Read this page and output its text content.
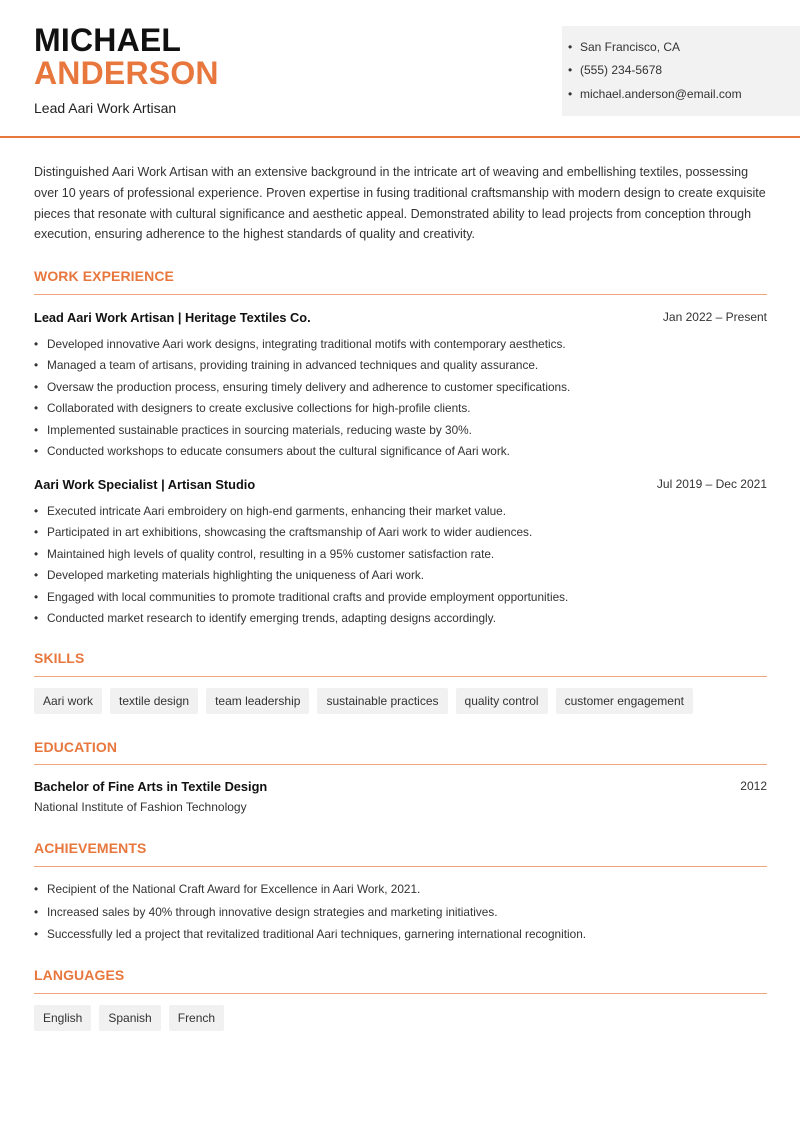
MICHAEL
ANDERSON
Lead Aari Work Artisan
• San Francisco, CA
• (555) 234-5678
• michael.anderson@email.com
Distinguished Aari Work Artisan with an extensive background in the intricate art of weaving and embellishing textiles, possessing over 10 years of professional experience. Proven expertise in fusing traditional craftsmanship with modern design to create exquisite pieces that resonate with cultural significance and aesthetic appeal. Demonstrated ability to lead projects from conception through execution, ensuring adherence to the highest standards of quality and creativity.
WORK EXPERIENCE
Lead Aari Work Artisan | Heritage Textiles Co.	Jan 2022 – Present
• Developed innovative Aari work designs, integrating traditional motifs with contemporary aesthetics.
• Managed a team of artisans, providing training in advanced techniques and quality assurance.
• Oversaw the production process, ensuring timely delivery and adherence to customer specifications.
• Collaborated with designers to create exclusive collections for high-profile clients.
• Implemented sustainable practices in sourcing materials, reducing waste by 30%.
• Conducted workshops to educate consumers about the cultural significance of Aari work.
Aari Work Specialist | Artisan Studio	Jul 2019 – Dec 2021
• Executed intricate Aari embroidery on high-end garments, enhancing their market value.
• Participated in art exhibitions, showcasing the craftsmanship of Aari work to wider audiences.
• Maintained high levels of quality control, resulting in a 95% customer satisfaction rate.
• Developed marketing materials highlighting the uniqueness of Aari work.
• Engaged with local communities to promote traditional crafts and provide employment opportunities.
• Conducted market research to identify emerging trends, adapting designs accordingly.
SKILLS
Aari work	textile design	team leadership	sustainable practices	quality control	customer engagement
EDUCATION
Bachelor of Fine Arts in Textile Design	2012
National Institute of Fashion Technology
ACHIEVEMENTS
• Recipient of the National Craft Award for Excellence in Aari Work, 2021.
• Increased sales by 40% through innovative design strategies and marketing initiatives.
• Successfully led a project that revitalized traditional Aari techniques, garnering international recognition.
LANGUAGES
English	Spanish	French
